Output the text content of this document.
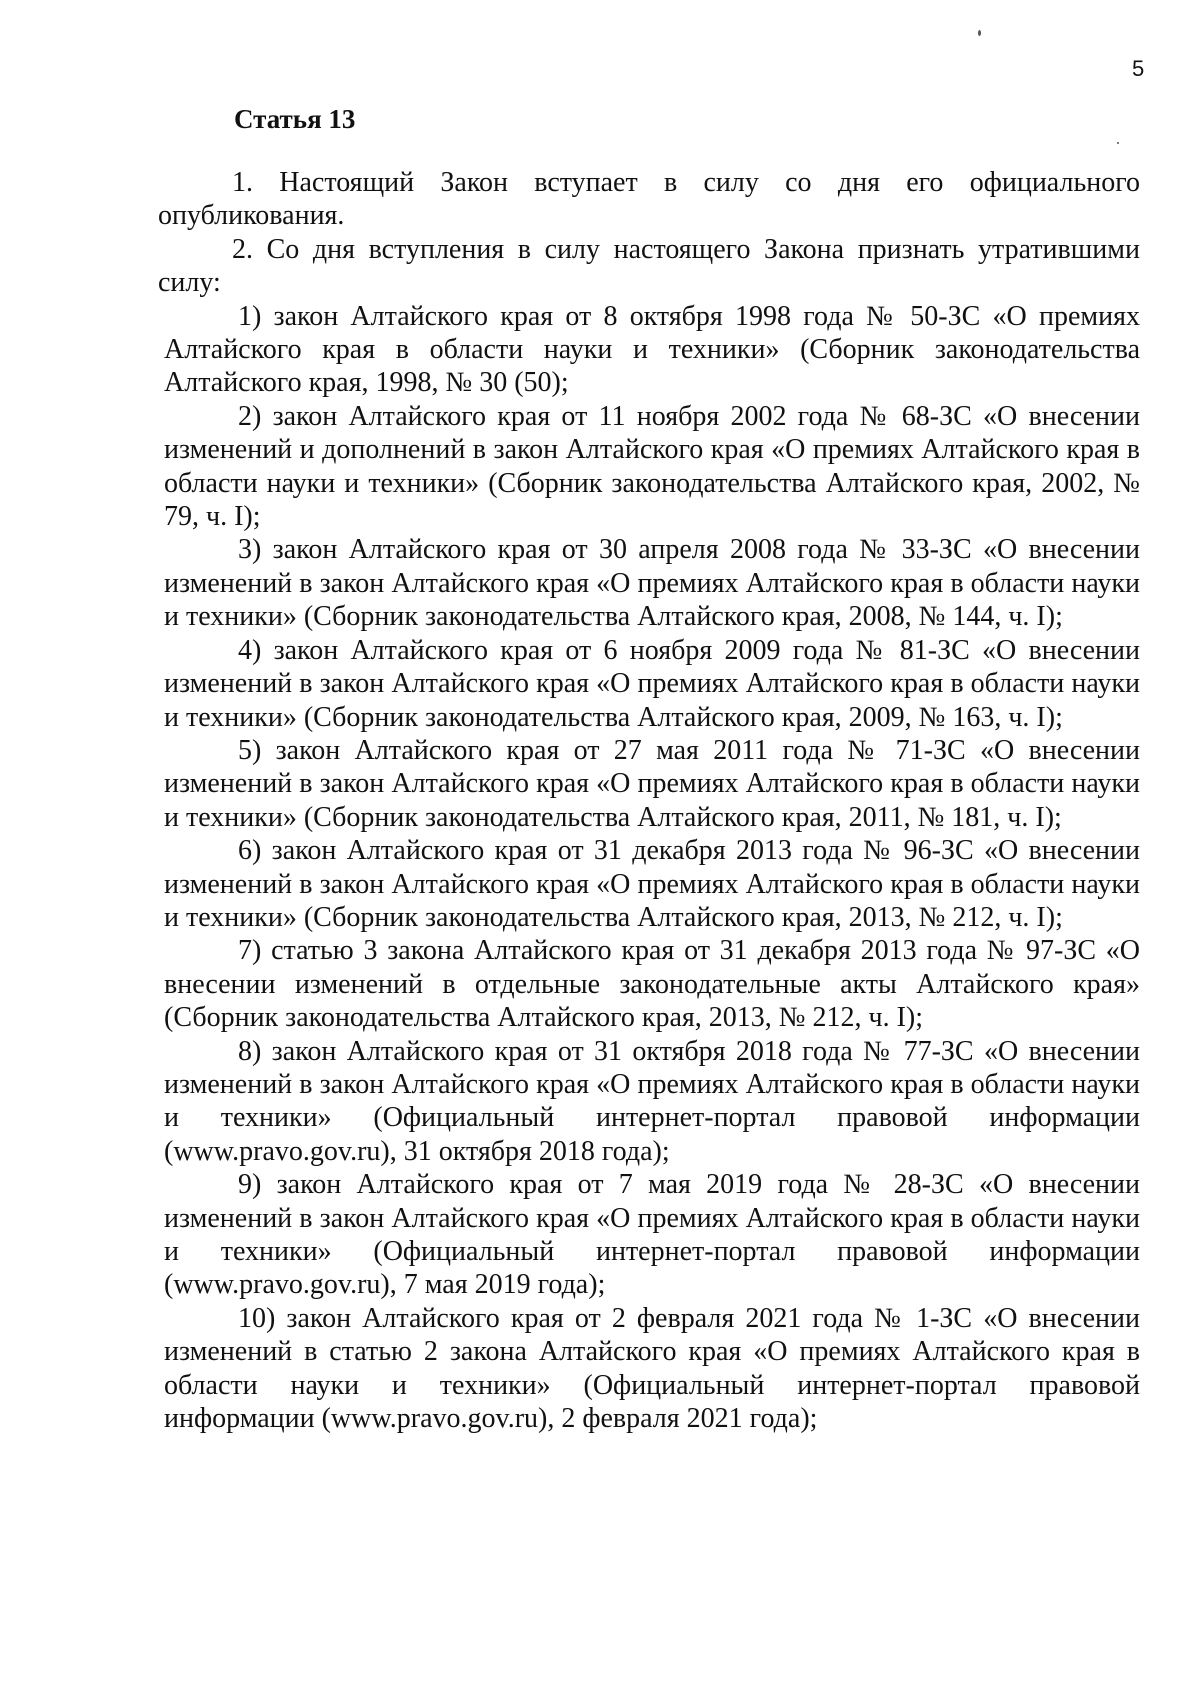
5
Статья 13

1. Настоящий Закон вступает в силу со дня его официального опубликования.

2. Со дня вступления в силу настоящего Закона признать утратившими силу:

1) закон Алтайского края от 8 октября 1998 года № 50-ЗС «О премиях Алтайского края в области науки и техники» (Сборник законодательства Алтайского края, 1998, № 30 (50);

2) закон Алтайского края от 11 ноября 2002 года № 68-ЗС «О внесении изменений и дополнений в закон Алтайского края «О премиях Алтайского края в области науки и техники» (Сборник законодательства Алтайского края, 2002, № 79, ч. I);

3) закон Алтайского края от 30 апреля 2008 года № 33-ЗС «О внесении изменений в закон Алтайского края «О премиях Алтайского края в области науки и техники» (Сборник законодательства Алтайского края, 2008, № 144, ч. I);

4) закон Алтайского края от 6 ноября 2009 года № 81-ЗС «О внесении изменений в закон Алтайского края «О премиях Алтайского края в области науки и техники» (Сборник законодательства Алтайского края, 2009, № 163, ч. I);

5) закон Алтайского края от 27 мая 2011 года № 71-ЗС «О внесении изменений в закон Алтайского края «О премиях Алтайского края в области науки и техники» (Сборник законодательства Алтайского края, 2011, № 181, ч. I);

6) закон Алтайского края от 31 декабря 2013 года № 96-ЗС «О внесении изменений в закон Алтайского края «О премиях Алтайского края в области науки и техники» (Сборник законодательства Алтайского края, 2013, № 212, ч. I);

7) статью 3 закона Алтайского края от 31 декабря 2013 года № 97-ЗС «О внесении изменений в отдельные законодательные акты Алтайского края» (Сборник законодательства Алтайского края, 2013, № 212, ч. I);

8) закон Алтайского края от 31 октября 2018 года № 77-ЗС «О внесении изменений в закон Алтайского края «О премиях Алтайского края в области науки и техники» (Официальный интернет-портал правовой информации (www.pravo.gov.ru), 31 октября 2018 года);

9) закон Алтайского края от 7 мая 2019 года № 28-ЗС «О внесении изменений в закон Алтайского края «О премиях Алтайского края в области науки и техники» (Официальный интернет-портал правовой информации (www.pravo.gov.ru), 7 мая 2019 года);

10) закон Алтайского края от 2 февраля 2021 года № 1-ЗС «О внесении изменений в статью 2 закона Алтайского края «О премиях Алтайского края в области науки и техники» (Официальный интернет-портал правовой информации (www.pravo.gov.ru), 2 февраля 2021 года);
